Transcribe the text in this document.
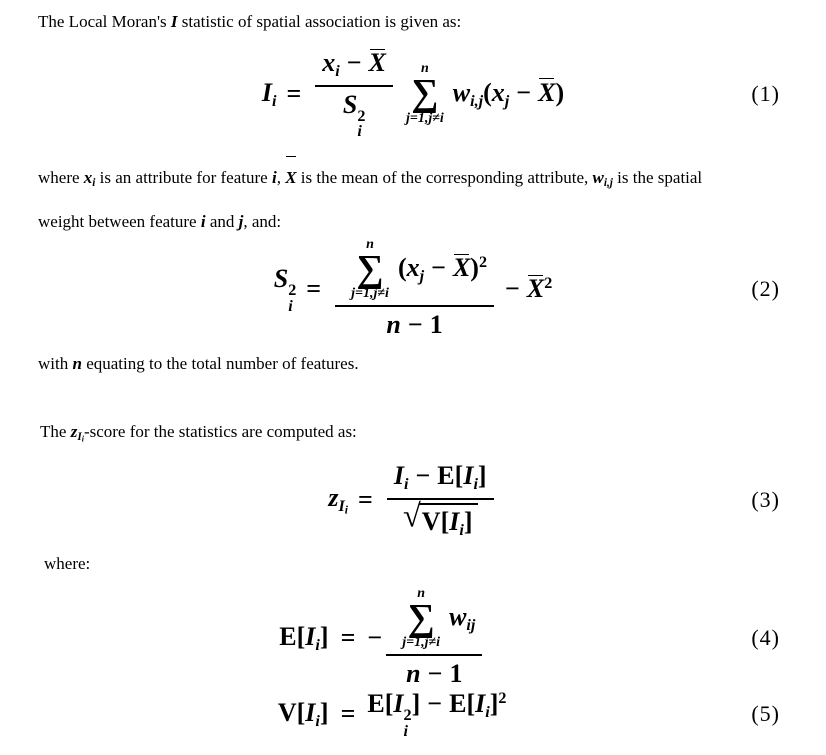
The Local Moran's I statistic of spatial association is given as:
Ii = xi − X
S 2
i n
∑
j=1,j≠i
wi,j(xj − X)	(1)
where xi is an attribute for feature i, X is the mean of the corresponding attribute, wi,j is the spatial
weight between feature i and j, and:
S 2
i
=	n
∑
j=1,j≠i
(xj − X)$^2$
$n - 1 - X^2$	(2)
with n equating to the total number of features.
The zIi-score for the statistics are computed as:
zIi = $\frac{Ii - E[Ii]}{√ V[Ii]}$	(3)
where:
E[Ii] = − n
∑
j=1,j≠i
wij
n − 1	(4)
V[Ii] = E[I 2
i
] − $E[Ii]^2$
(5)
